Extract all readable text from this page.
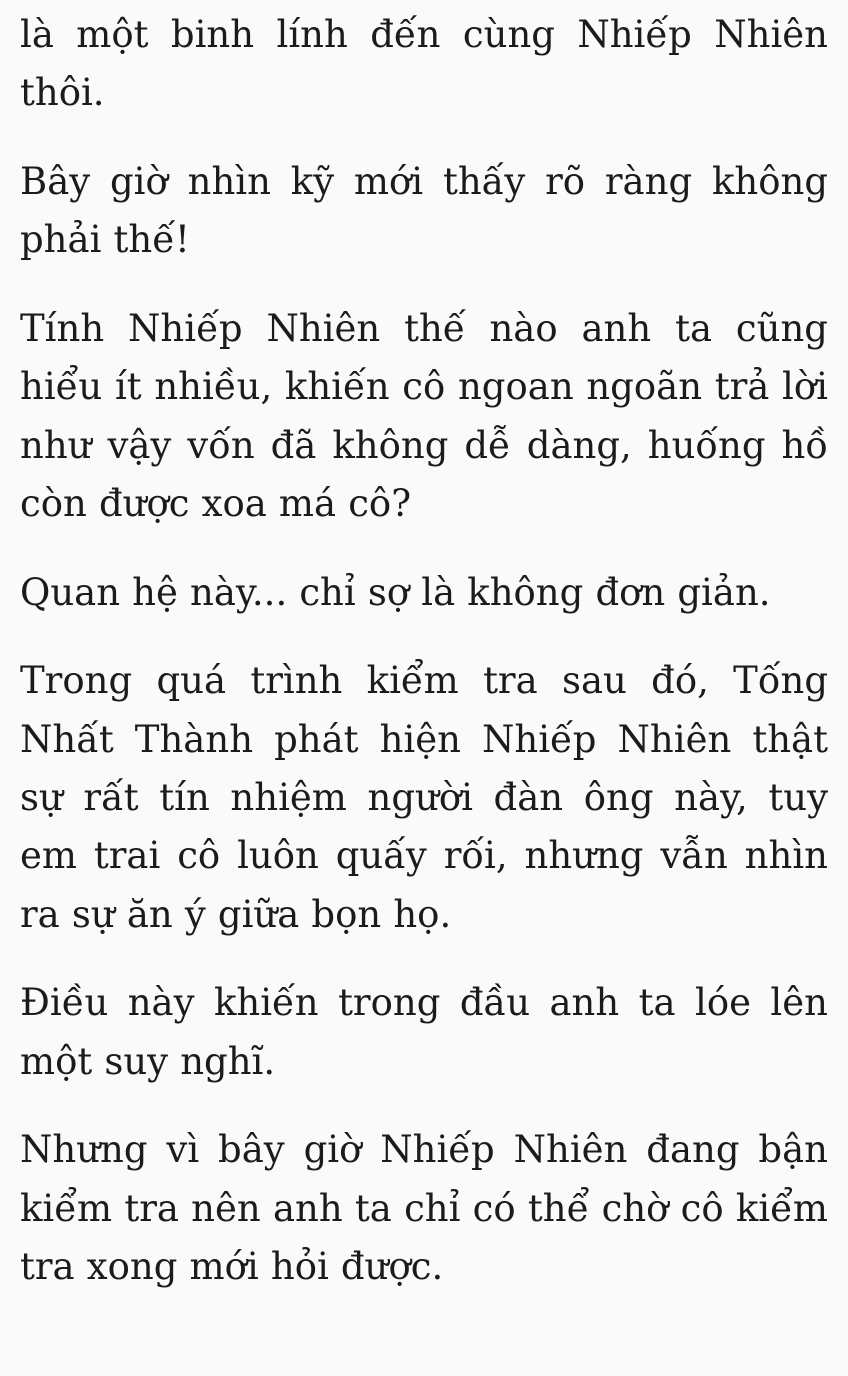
là một binh lính đến cùng Nhiếp Nhiên thôi.

Bây giờ nhìn kỹ mới thấy rõ ràng không phải thế!

Tính Nhiếp Nhiên thế nào anh ta cũng hiểu ít nhiều, khiến cô ngoan ngoãn trả lời như vậy vốn đã không dễ dàng, huống hồ còn được xoa má cô?

Quan hệ này... chỉ sợ là không đơn giản.

Trong quá trình kiểm tra sau đó, Tống Nhất Thành phát hiện Nhiếp Nhiên thật sự rất tín nhiệm người đàn ông này, tuy em trai cô luôn quấy rối, nhưng vẫn nhìn ra sự ăn ý giữa bọn họ.

Điều này khiến trong đầu anh ta lóe lên một suy nghĩ.

Nhưng vì bây giờ Nhiếp Nhiên đang bận kiểm tra nên anh ta chỉ có thể chờ cô kiểm tra xong mới hỏi được.
